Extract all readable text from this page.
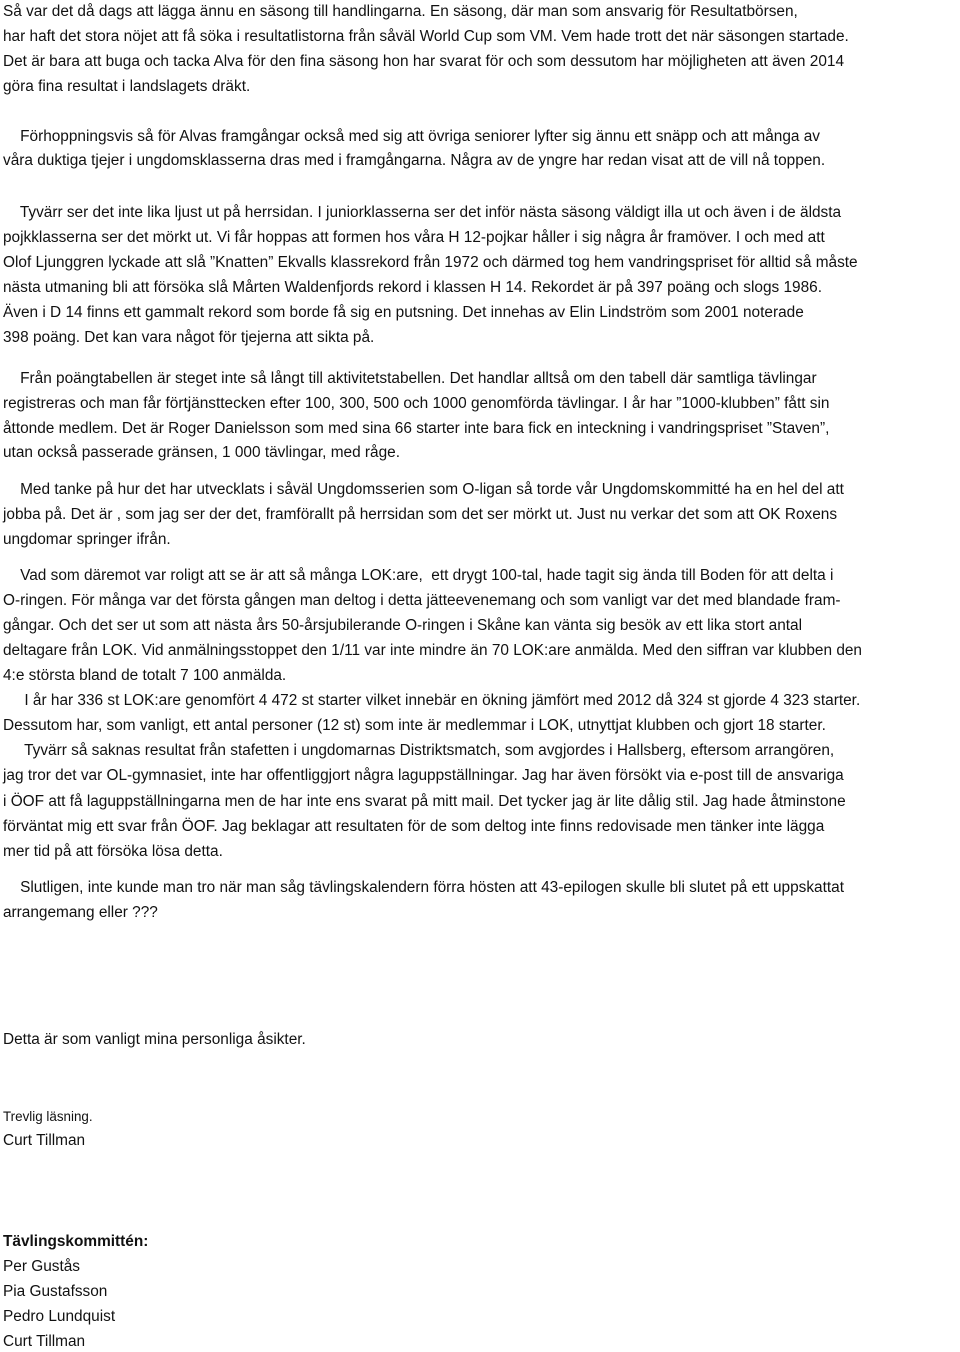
Så var det då dags att lägga ännu en säsong till handlingarna. En säsong, där man som ansvarig för Resultatbörsen,
har haft det stora nöjet att få söka i resultatlistorna från såväl World Cup som VM. Vem hade trott det när säsongen startade.
Det är bara att buga och tacka Alva för den fina säsong hon har svarat för och som dessutom har möjligheten att även 2014
göra fina resultat i landslagets dräkt.
Förhoppningsvis så för Alvas framgångar också med sig att övriga seniorer lyfter sig ännu ett snäpp och att många av
våra duktiga tjejer i ungdomsklasserna dras med i framgångarna. Några av de yngre har redan visat att de vill nå toppen.
Tyvärr ser det inte lika ljust ut på herrsidan. I juniorklasserna ser det inför nästa säsong väldigt illa ut och även i de äldsta
pojkklasserna ser det mörkt ut. Vi får hoppas att formen hos våra H 12-pojkar håller i sig några år framöver. I och med att
Olof Ljunggren lyckade att slå ”Knatten” Ekvalls klassrekord från 1972 och därmed tog hem vandringspriset för alltid så måste
nästa utmaning bli att försöka slå Mårten Waldenfjords rekord i klassen H 14. Rekordet är på 397 poäng och slogs 1986.
Även i D 14 finns ett gammalt rekord som borde få sig en putsning. Det innehas av Elin Lindström som 2001 noterade
398 poäng. Det kan vara något för tjejerna att sikta på.
Från poängtabellen är steget inte så långt till aktivitetstabellen. Det handlar alltså om den tabell där samtliga tävlingar
registreras och man får förtjänsttecken efter 100, 300, 500 och 1000 genomförda tävlingar. I år har ”1000-klubben” fått sin
åttonde medlem. Det är Roger Danielsson som med sina 66 starter inte bara fick en inteckning i vandringspriset ”Staven”,
utan också passerade gränsen, 1 000 tävlingar, med råge.
Med tanke på hur det har utvecklats i såväl Ungdomsserien som O-ligan så torde vår Ungdomskommitté ha en hel del att
jobba på. Det är , som jag ser der det, framförallt på herrsidan som det ser mörkt ut. Just nu verkar det som att OK Roxens
ungdomar springer ifrån.
Vad som däremot var roligt att se är att så många LOK:are,  ett drygt 100-tal, hade tagit sig ända till Boden för att delta i
O-ringen. För många var det första gången man deltog i detta jätteevenemang och som vanligt var det med blandade fram-
gångar. Och det ser ut som att nästa års 50-årsjubilerande O-ringen i Skåne kan vänta sig besök av ett lika stort antal
deltagare från LOK. Vid anmälningsstoppet den 1/11 var inte mindre än 70 LOK:are anmälda. Med den siffran var klubben den
4:e största bland de totalt 7 100 anmälda.
I år har 336 st LOK:are genomfört 4 472 st starter vilket innebär en ökning jämfört med 2012 då 324 st gjorde 4 323 starter.
Dessutom har, som vanligt, ett antal personer (12 st) som inte är medlemmar i LOK, utnyttjat klubben och gjort 18 starter.
Tyvärr så saknas resultat från stafetten i ungdomarnas Distriktsmatch, som avgjordes i Hallsberg, eftersom arrangören,
jag tror det var OL-gymnasiet, inte har offentliggjort några laguppställningar. Jag har även försökt via e-post till de ansvariga
i ÖOF att få laguppställningarna men de har inte ens svarat på mitt mail. Det tycker jag är lite dålig stil. Jag hade åtminstone
förväntat mig ett svar från ÖOF. Jag beklagar att resultaten för de som deltog inte finns redovisade men tänker inte lägga
mer tid på att försöka lösa detta.
Slutligen, inte kunde man tro när man såg tävlingskalendern förra hösten att 43-epilogen skulle bli slutet på ett uppskattat
arrangemang eller ???
Detta är som vanligt mina personliga åsikter.
Trevlig läsning.
Curt Tillman
Tävlingskommittén:
Per Gustås
Pia Gustafsson
Pedro Lundquist
Curt Tillman
